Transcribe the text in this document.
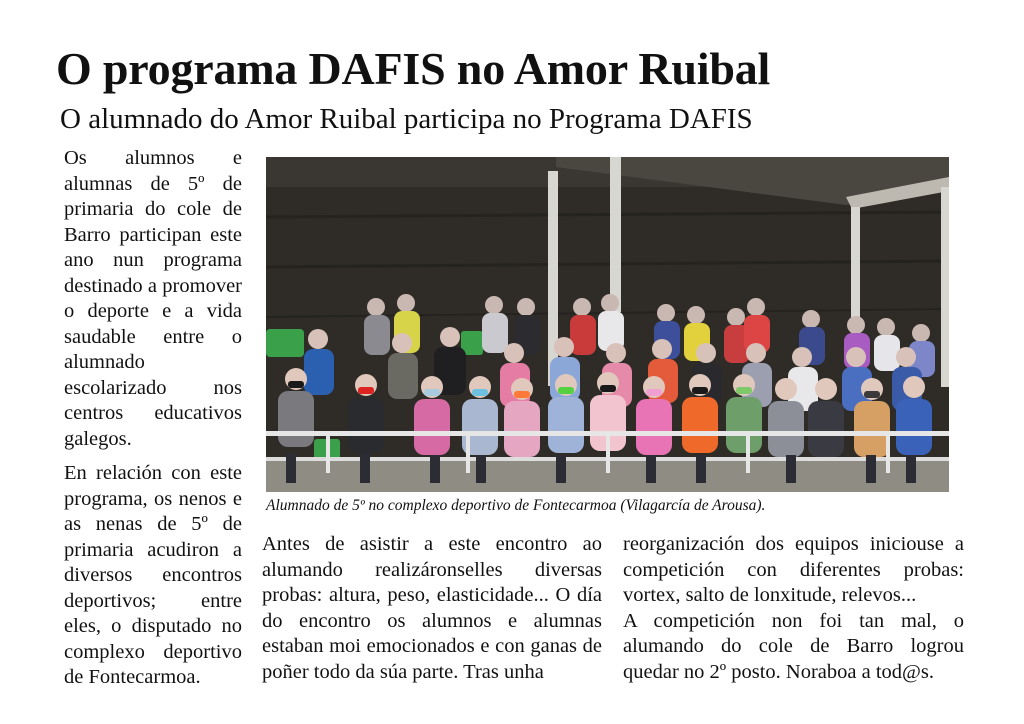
O programa DAFIS no Amor Ruibal
O alumnado do Amor Ruibal participa no Programa DAFIS

Os alumnos e alumnas de 5º de primaria do cole de Barro participan este ano nun programa destinado a promover o deporte e a vida saudable entre o alumnado escolarizado nos centros educativos galegos.

En relación con este programa, os nenos e as nenas de 5º de primaria acudiron a diversos encontros deportivos; entre eles, o disputado no complexo deportivo de Fontecarmoa.

Alumnado de 5º no complexo deportivo de Fontecarmoa (Vilagarcía de Arousa).

Antes de asistir a este encontro ao alumando realizáronselles diversas probas: altura, peso, elasticidade... O día do encontro os alumnos e alumnas estaban moi emocionados e con ganas de poñer todo da súa parte. Tras unha

reorganización dos equipos iniciouse a competición con diferentes probas: vortex, salto de lonxitude, relevos...

A competición non foi tan mal, o alumando do cole de Barro logrou quedar no 2º posto. Noraboa a tod@s.
